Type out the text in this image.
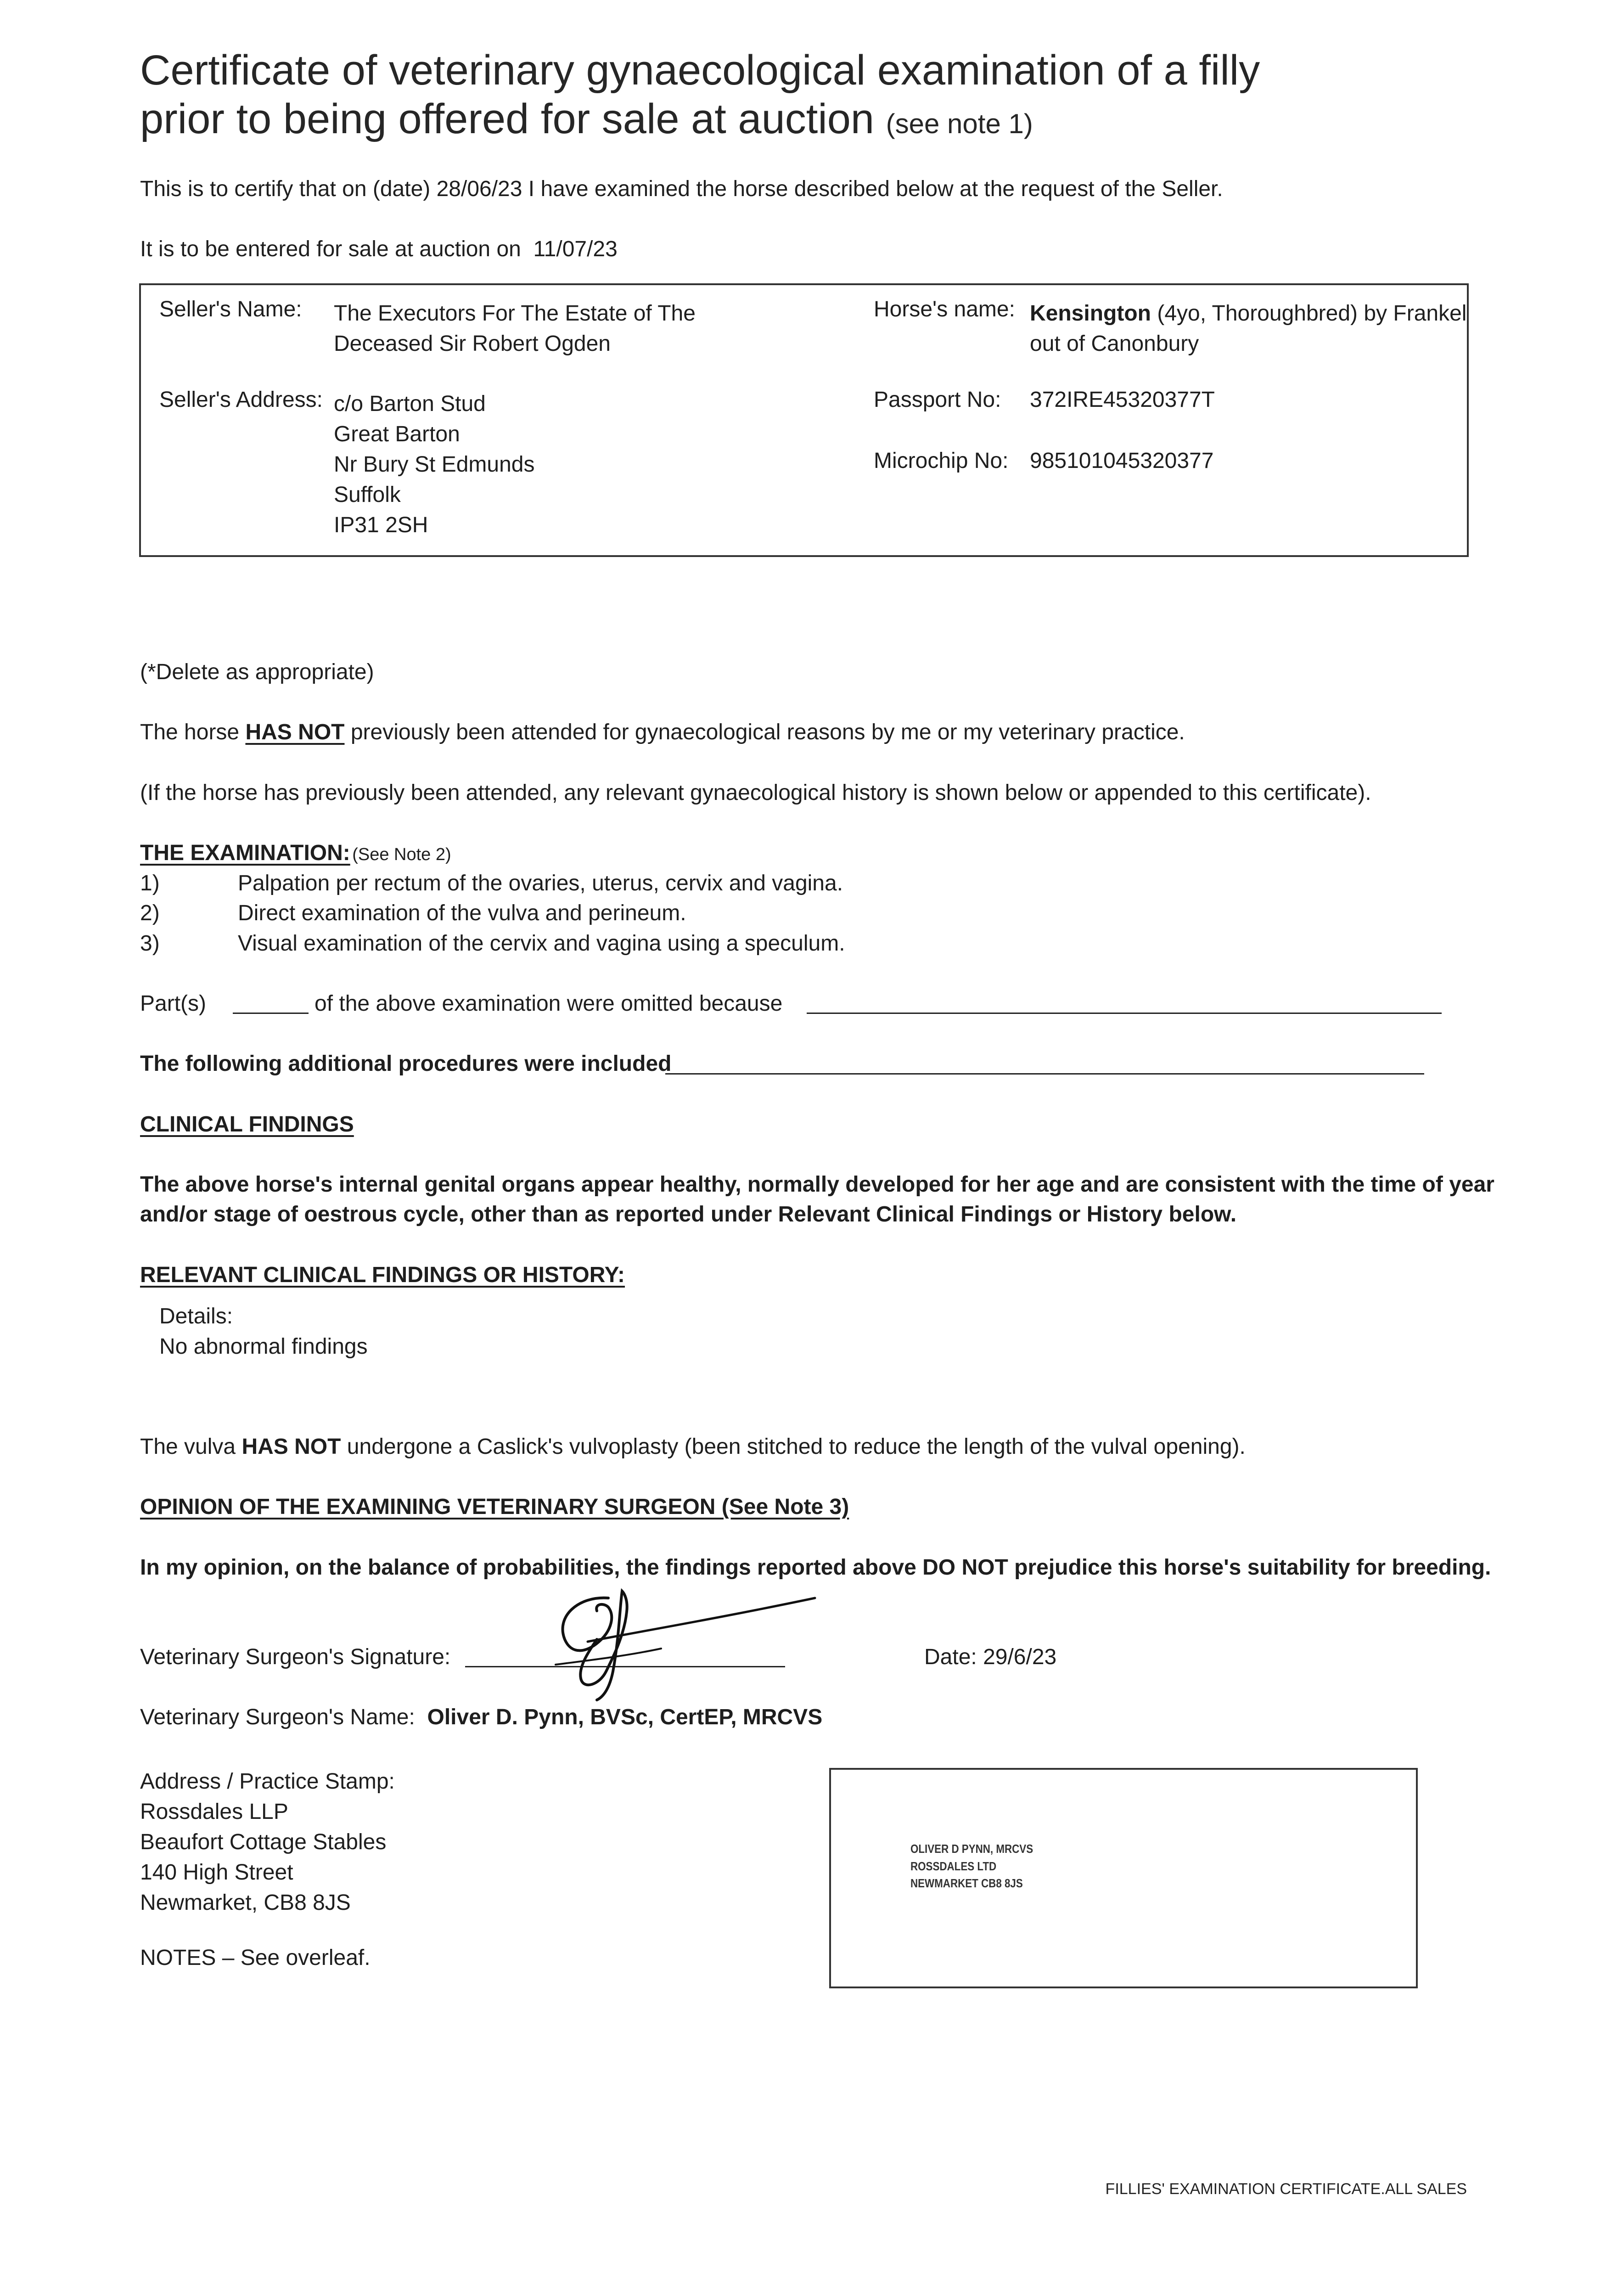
Certificate of veterinary gynaecological examination of a filly
prior to being offered for sale at auction (see note 1)
This is to certify that on (date) 28/06/23 I have examined the horse described below at the request of the Seller.
It is to be entered for sale at auction on 11/07/23
Seller's Name: The Executors For The Estate of The
Deceased Sir Robert Ogden
Seller's Address: c/o Barton Stud
Great Barton
Nr Bury St Edmunds
Suffolk
IP31 2SH
Horse's name: Kensington (4yo, Thoroughbred) by Frankel
out of Canonbury
Passport No: 372IRE45320377T
Microchip No: 985101045320377
(*Delete as appropriate)
The horse HAS NOT previously been attended for gynaecological reasons by me or my veterinary practice.
(If the horse has previously been attended, any relevant gynaecological history is shown below or appended to this certificate).
THE EXAMINATION: (See Note 2)
1)	Palpation per rectum of the ovaries, uterus, cervix and vagina.
2)	Direct examination of the vulva and perineum.
3)	Visual examination of the cervix and vagina using a speculum.
Part(s)	of the above examination were omitted because
The following additional procedures were included
CLINICAL FINDINGS
The above horse's internal genital organs appear healthy, normally developed for her age and are consistent with the time of year
and/or stage of oestrous cycle, other than as reported under Relevant Clinical Findings or History below.
RELEVANT CLINICAL FINDINGS OR HISTORY:
Details:
No abnormal findings
The vulva HAS NOT undergone a Caslick's vulvoplasty (been stitched to reduce the length of the vulval opening).
OPINION OF THE EXAMINING VETERINARY SURGEON (See Note 3)
In my opinion, on the balance of probabilities, the findings reported above DO NOT prejudice this horse's suitability for breeding.
Veterinary Surgeon's Signature:	Date: 29/6/23
Veterinary Surgeon's Name: Oliver D. Pynn, BVSc, CertEP, MRCVS
Address / Practice Stamp:
Rossdales LLP
Beaufort Cottage Stables
140 High Street
Newmarket, CB8 8JS
OLIVER D PYNN, MRCVS
ROSSDALES LTD
NEWMARKET CB8 8JS
NOTES – See overleaf.
FILLIES' EXAMINATION CERTIFICATE.ALL SALES
